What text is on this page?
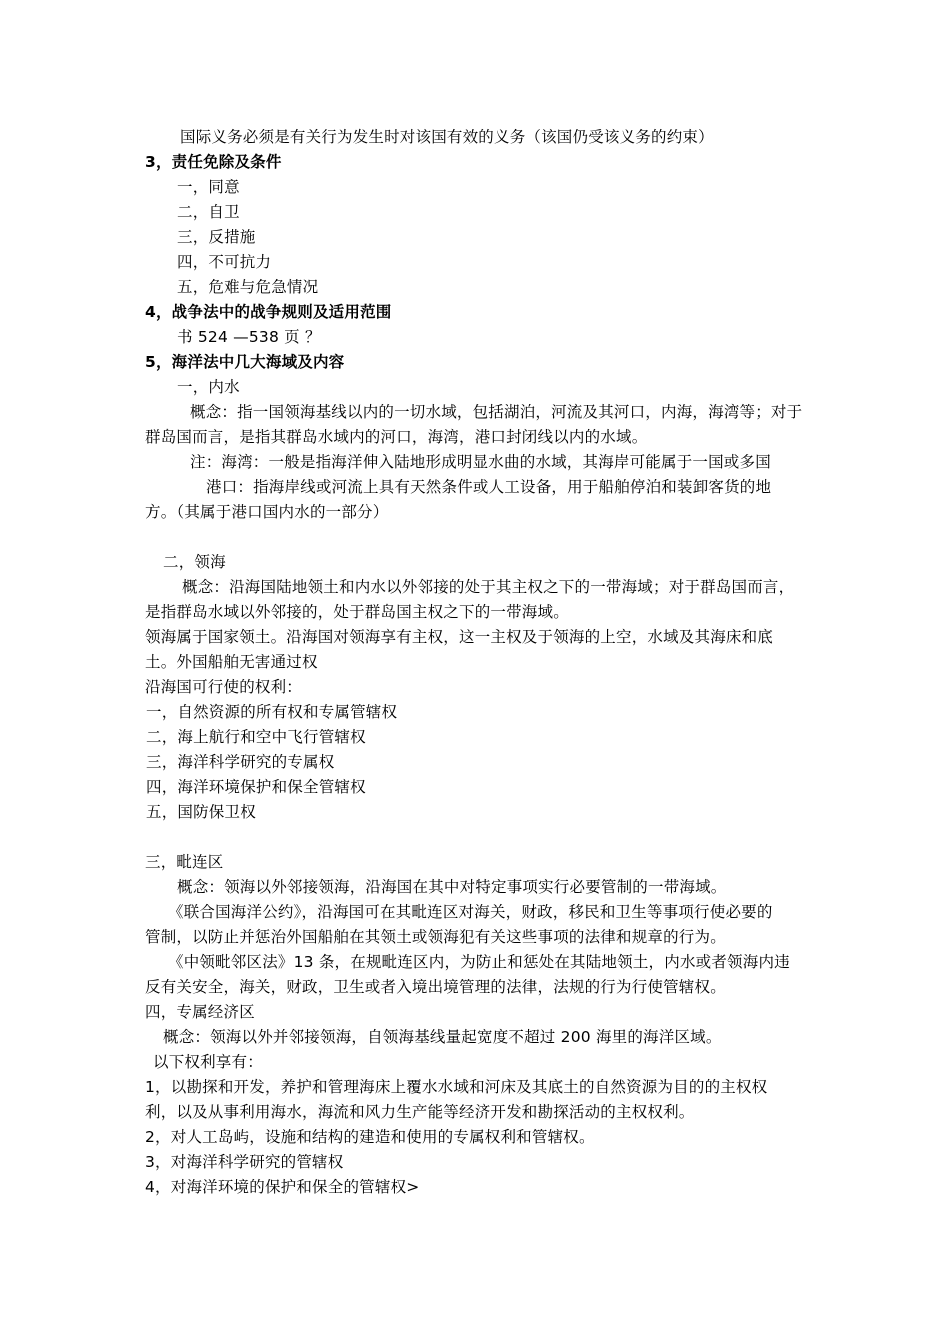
国际义务必须是有关行为发生时对该国有效的义务（该国仍受该义务的约束）
3，责任免除及条件
一，同意
二，自卫
三，反措施
四，不可抗力
五，危难与危急情况
4，战争法中的战争规则及适用范围
书 524 —538 页 ？
5，海洋法中几大海域及内容
一，内水
概念：指一国领海基线以内的一切水域，包括湖泊，河流及其河口，内海，海湾等；对于
群岛国而言，是指其群岛水域内的河口，海湾，港口封闭线以内的水域。
注：海湾：一般是指海洋伸入陆地形成明显水曲的水域，其海岸可能属于一国或多国
港口：指海岸线或河流上具有天然条件或人工设备，用于船舶停泊和装卸客货的地
方。（其属于港口国内水的一部分）
二，领海
概念：沿海国陆地领土和内水以外邻接的处于其主权之下的一带海域；对于群岛国而言，
是指群岛水域以外邻接的，处于群岛国主权之下的一带海域。
领海属于国家领土。沿海国对领海享有主权，这一主权及于领海的上空，水域及其海床和底
土。外国船舶无害通过权
沿海国可行使的权利：
一，自然资源的所有权和专属管辖权
二，海上航行和空中飞行管辖权
三，海洋科学研究的专属权
四，海洋环境保护和保全管辖权
五，国防保卫权
三，毗连区
概念：领海以外邻接领海，沿海国在其中对特定事项实行必要管制的一带海域。
《联合国海洋公约》，沿海国可在其毗连区对海关，财政，移民和卫生等事项行使必要的
管制，以防止并惩治外国船舶在其领土或领海犯有关这些事项的法律和规章的行为。
《中领毗邻区法》13 条，在规毗连区内，为防止和惩处在其陆地领土，内水或者领海内违
反有关安全，海关，财政，卫生或者入境出境管理的法律，法规的行为行使管辖权。
四，专属经济区
概念：领海以外并邻接领海，自领海基线量起宽度不超过 200 海里的海洋区域。
以下权利享有：
1，以勘探和开发，养护和管理海床上覆水水域和河床及其底土的自然资源为目的的主权权
利，以及从事利用海水，海流和风力生产能等经济开发和勘探活动的主权权利。
2，对人工岛屿，设施和结构的建造和使用的专属权利和管辖权。
3，对海洋科学研究的管辖权
4，对海洋环境的保护和保全的管辖权>
